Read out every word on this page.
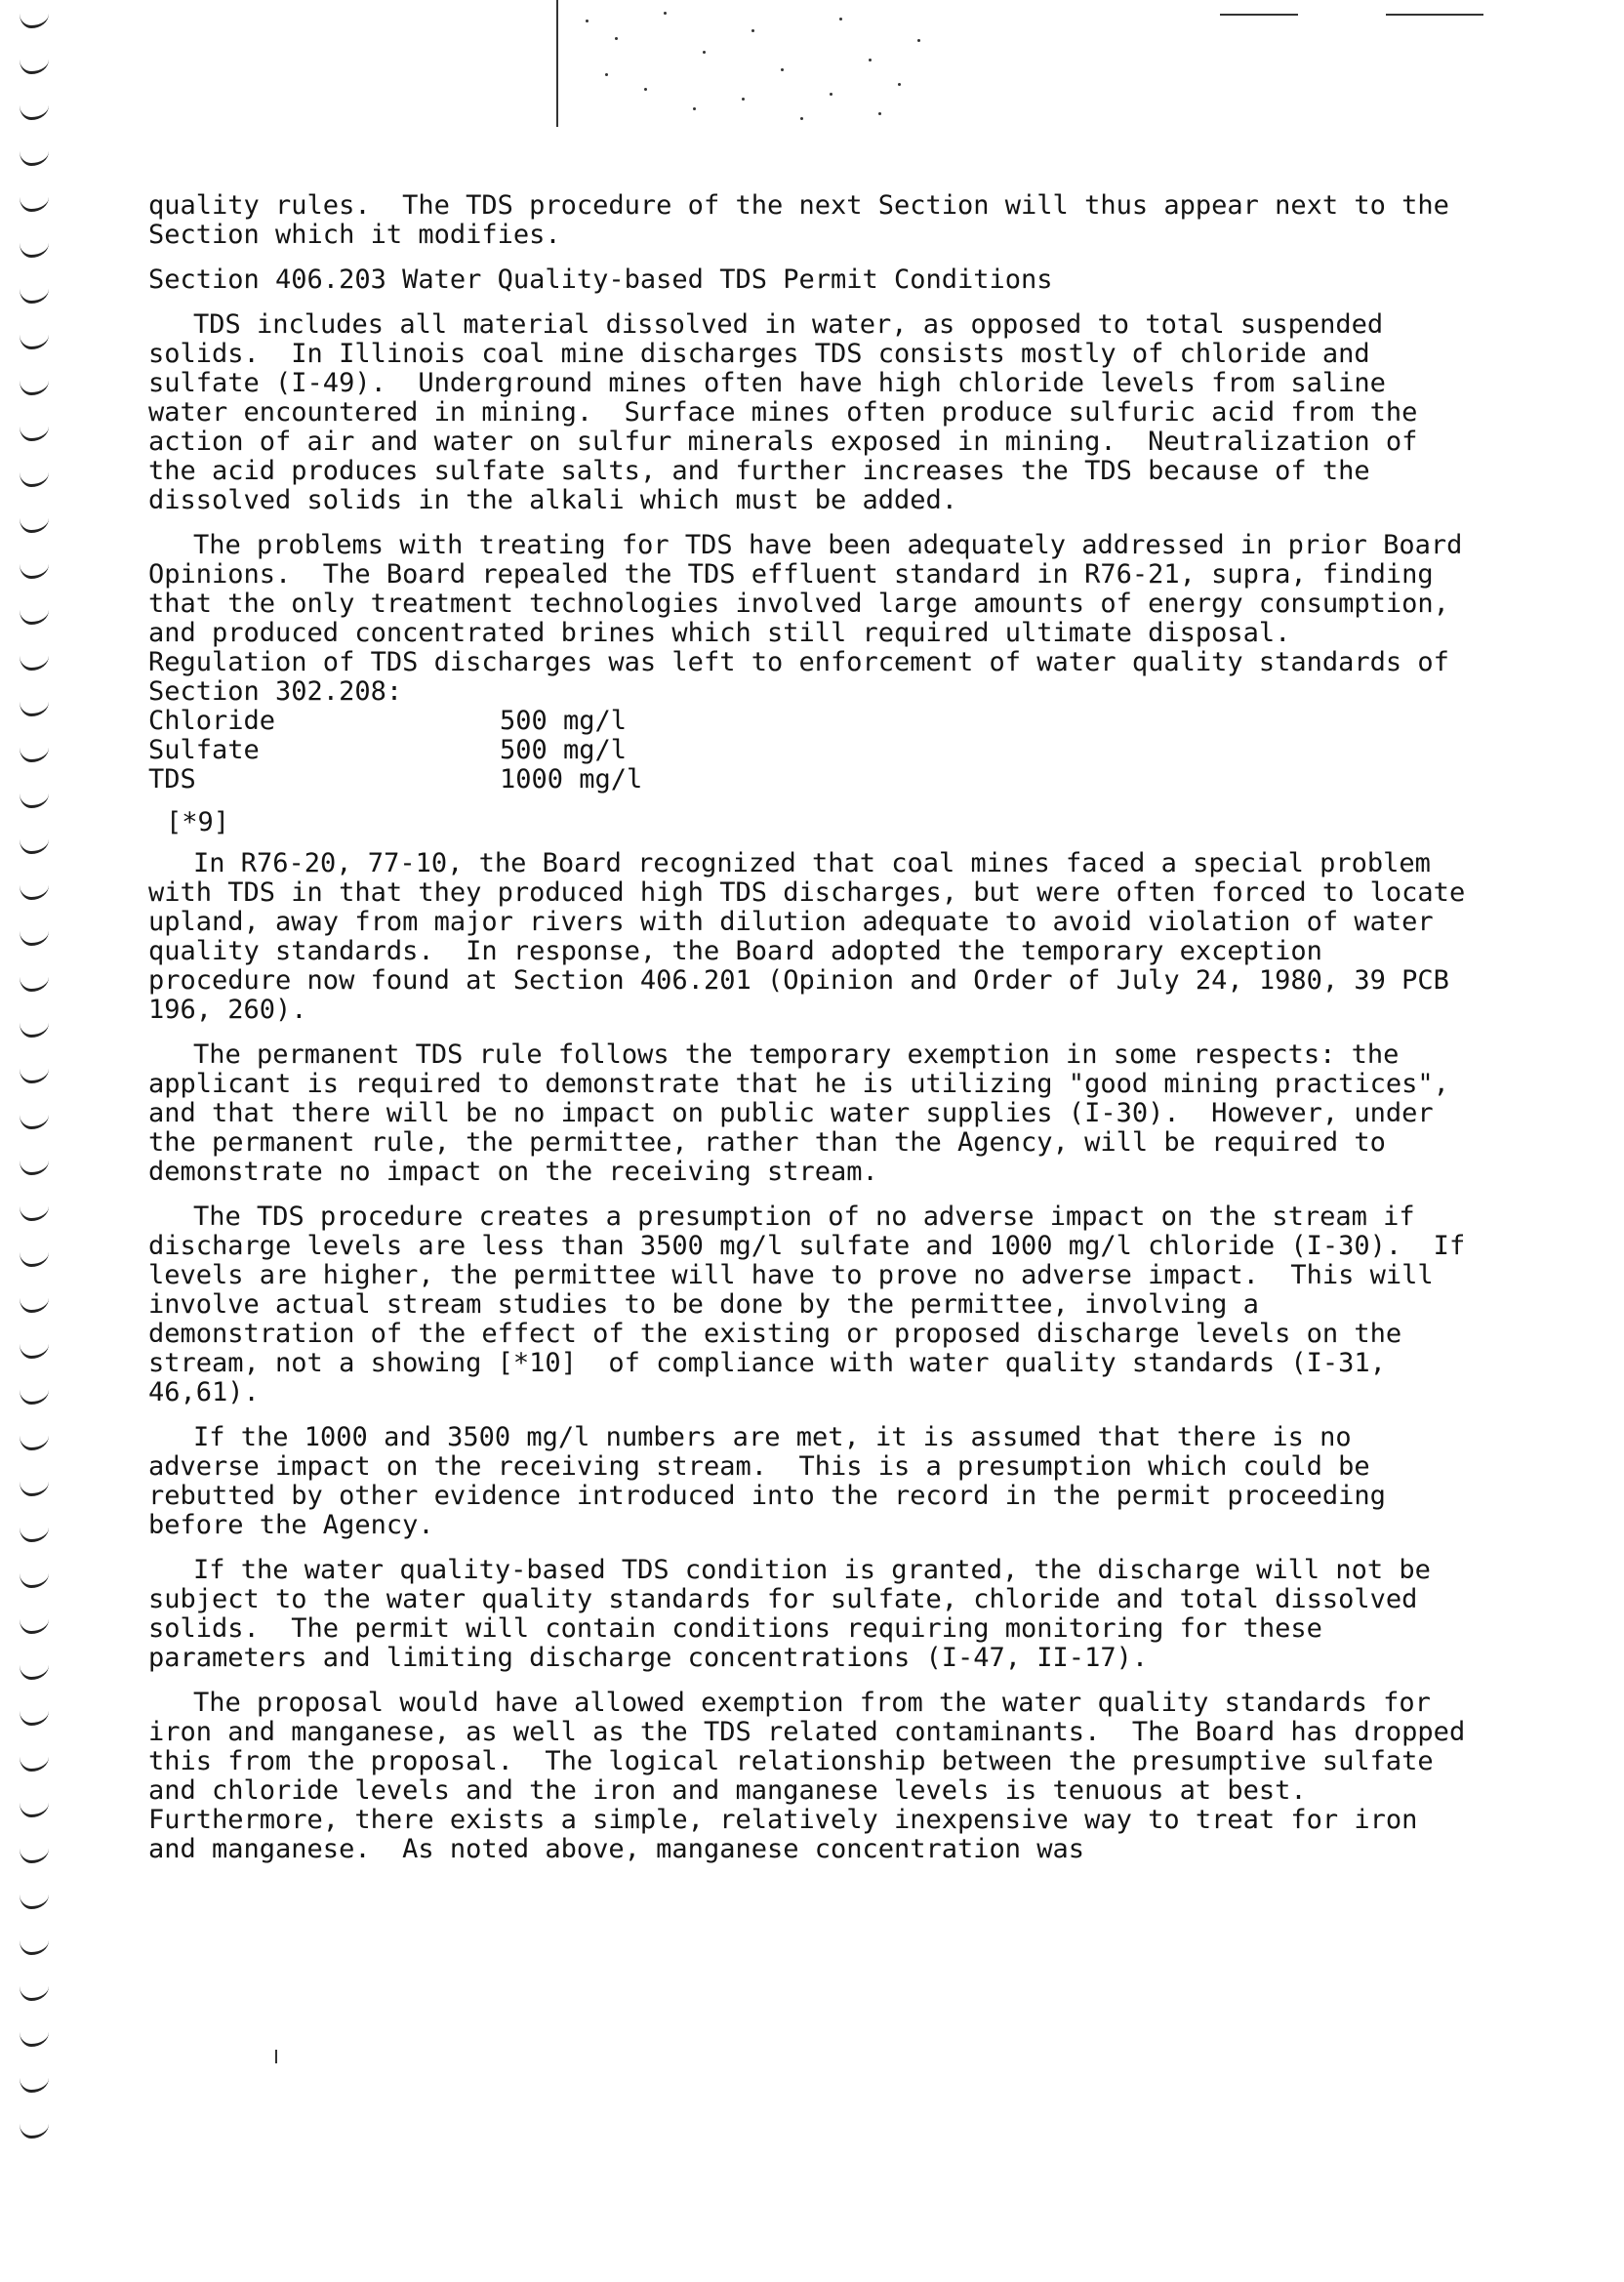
quality rules.  The TDS procedure of the next Section will thus appear next to the Section which it modifies.

Section 406.203 Water Quality-based TDS Permit Conditions

TDS includes all material dissolved in water, as opposed to total suspended solids.  In Illinois coal mine discharges TDS consists mostly of chloride and sulfate (I-49).  Underground mines often have high chloride levels from saline water encountered in mining.  Surface mines often produce sulfuric acid from the action of air and water on sulfur minerals exposed in mining.  Neutralization of the acid produces sulfate salts, and further increases the TDS because of the dissolved solids in the alkali which must be added.

The problems with treating for TDS have been adequately addressed in prior Board Opinions.  The Board repealed the TDS effluent standard in R76-21, supra, finding that the only treatment technologies involved large amounts of energy consumption, and produced concentrated brines which still required ultimate disposal.  Regulation of TDS discharges was left to enforcement of water quality standards of Section 302.208:

Chloride	500 mg/l
Sulfate	500 mg/l
TDS	1000 mg/l
[*9]

In R76-20, 77-10, the Board recognized that coal mines faced a special problem with TDS in that they produced high TDS discharges, but were often forced to locate upland, away from major rivers with dilution adequate to avoid violation of water quality standards.  In response, the Board adopted the temporary exception procedure now found at Section 406.201 (Opinion and Order of July 24, 1980, 39 PCB 196, 260).

The permanent TDS rule follows the temporary exemption in some respects: the applicant is required to demonstrate that he is utilizing "good mining practices", and that there will be no impact on public water supplies (I-30).  However, under the permanent rule, the permittee, rather than the Agency, will be required to demonstrate no impact on the receiving stream.

The TDS procedure creates a presumption of no adverse impact on the stream if discharge levels are less than 3500 mg/l sulfate and 1000 mg/l chloride (I-30).  If levels are higher, the permittee will have to prove no adverse impact.  This will involve actual stream studies to be done by the permittee, involving a demonstration of the effect of the existing or proposed discharge levels on the stream, not a showing [*10]  of compliance with water quality standards (I-31, 46,61).

If the 1000 and 3500 mg/l numbers are met, it is assumed that there is no adverse impact on the receiving stream.  This is a presumption which could be rebutted by other evidence introduced into the record in the permit proceeding before the Agency.

If the water quality-based TDS condition is granted, the discharge will not be subject to the water quality standards for sulfate, chloride and total dissolved solids.  The permit will contain conditions requiring monitoring for these parameters and limiting discharge concentrations (I-47, II-17).

The proposal would have allowed exemption from the water quality standards for iron and manganese, as well as the TDS related contaminants.  The Board has dropped this from the proposal.  The logical relationship between the presumptive sulfate and chloride levels and the iron and manganese levels is tenuous at best.  Furthermore, there exists a simple, relatively inexpensive way to treat for iron and manganese.  As noted above, manganese concentration was
